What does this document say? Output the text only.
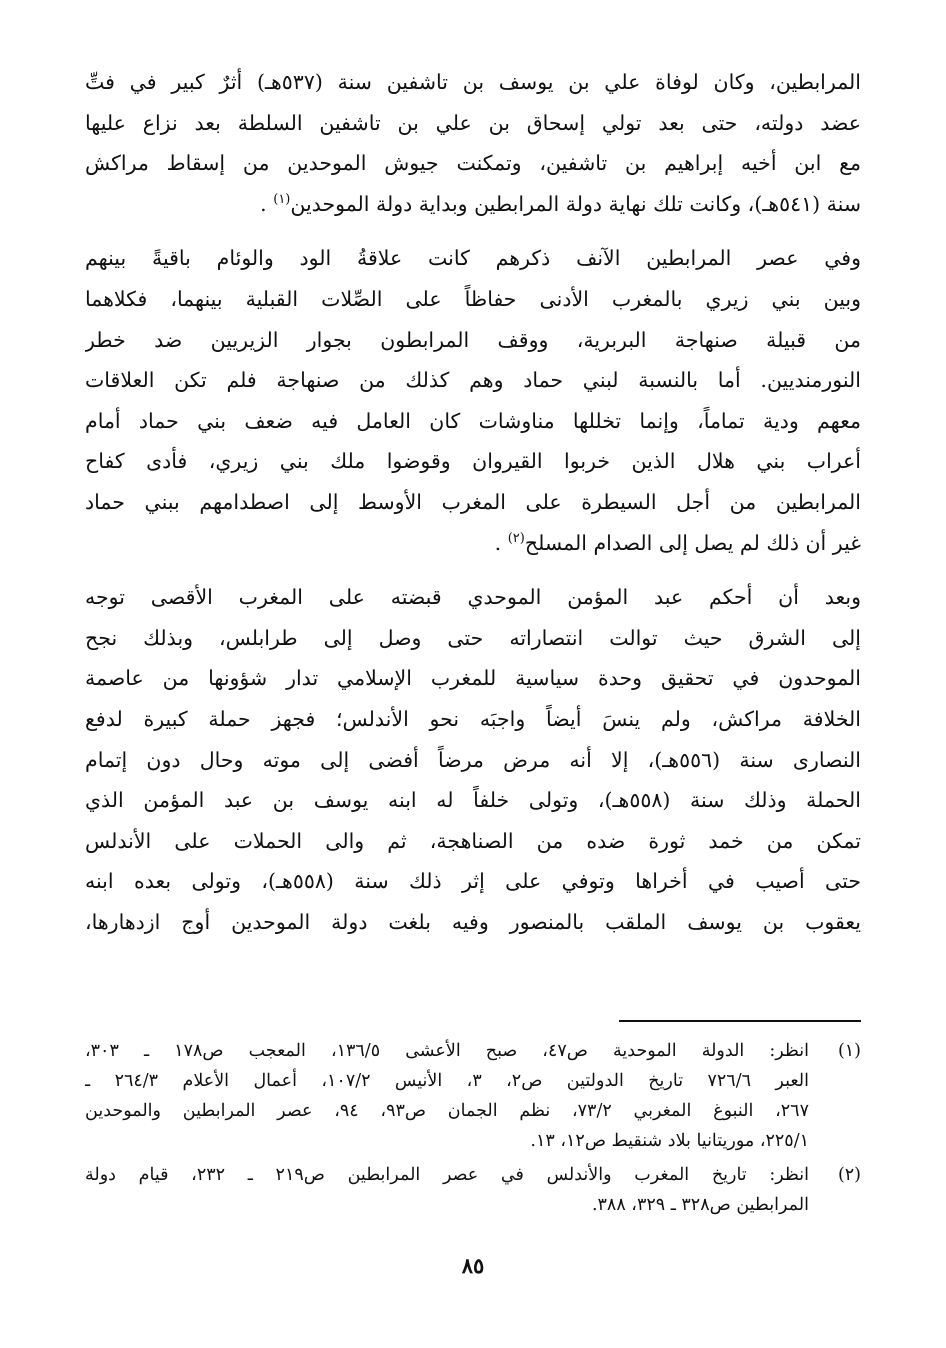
المرابطين، وكان لوفاة علي بن يوسف بن تاشفين سنة (٥٣٧هـ) أثرٌ كبير في فتِّ
عضد دولته، حتى بعد تولي إسحاق بن علي بن تاشفين السلطة بعد نزاع عليها
مع ابن أخيه إبراهيم بن تاشفين، وتمكنت جيوش الموحدين من إسقاط مراكش
سنة (٥٤١هـ)، وكانت تلك نهاية دولة المرابطين وبداية دولة الموحدين$^{(١)}$ .
وفي عصر المرابطين الآنف ذكرهم كانت علاقةُ الود والوئام باقيةً بينهم
وبين بني زيري بالمغرب الأدنى حفاظاً على الصِّلات القبلية بينهما، فكلاهما
من قبيلة صنهاجة البربرية، ووقف المرابطون بجوار الزيريين ضد خطر
النورمنديين. أما بالنسبة لبني حماد وهم كذلك من صنهاجة فلم تكن العلاقات
معهم ودية تماماً، وإنما تخللها مناوشات كان العامل فيه ضعف بني حماد أمام
أعراب بني هلال الذين خربوا القيروان وقوضوا ملك بني زيري، فأدى كفاح
المرابطين من أجل السيطرة على المغرب الأوسط إلى اصطدامهم ببني حماد
غير أن ذلك لم يصل إلى الصدام المسلح$^{(٢)}$ .
وبعد أن أحكم عبد المؤمن الموحدي قبضته على المغرب الأقصى توجه
إلى الشرق حيث توالت انتصاراته حتى وصل إلى طرابلس، وبذلك نجح
الموحدون في تحقيق وحدة سياسية للمغرب الإسلامي تدار شؤونها من عاصمة
الخلافة مراكش، ولم ينسَ أيضاً واجبَه نحو الأندلس؛ فجهز حملة كبيرة لدفع
النصارى سنة (٥٥٦هـ)، إلا أنه مرض مرضاً أفضى إلى موته وحال دون إتمام
الحملة وذلك سنة (٥٥٨هـ)، وتولى خلفاً له ابنه يوسف بن عبد المؤمن الذي
تمكن من خمد ثورة ضده من الصناهجة، ثم والى الحملات على الأندلس
حتى أصيب في أخراها وتوفي على إثر ذلك سنة (٥٥٨هـ)، وتولى بعده ابنه
يعقوب بن يوسف الملقب بالمنصور وفيه بلغت دولة الموحدين أوج ازدهارها،
(١)
انظر: الدولة الموحدية ص٤٧، صبح الأعشى ١٣٦/٥، المعجب ص١٧٨ ـ ٣٠٣،
العبر ٧٢٦/٦ تاريخ الدولتين ص٢، ٣، الأنيس ١٠٧/٢، أعمال الأعلام ٢٦٤/٣ ـ
٢٦٧، النبوغ المغربي ٧٣/٢، نظم الجمان ص٩٣، ٩٤، عصر المرابطين والموحدين
٢٢٥/١، موريتانيا بلاد شنقيط ص١٢، ١٣.
(٢)
انظر: تاريخ المغرب والأندلس في عصر المرابطين ص٢١٩ ـ ٢٣٢، قيام دولة
المرابطين ص٣٢٨ ـ ٣٢٩، ٣٨٨.
٨٥
